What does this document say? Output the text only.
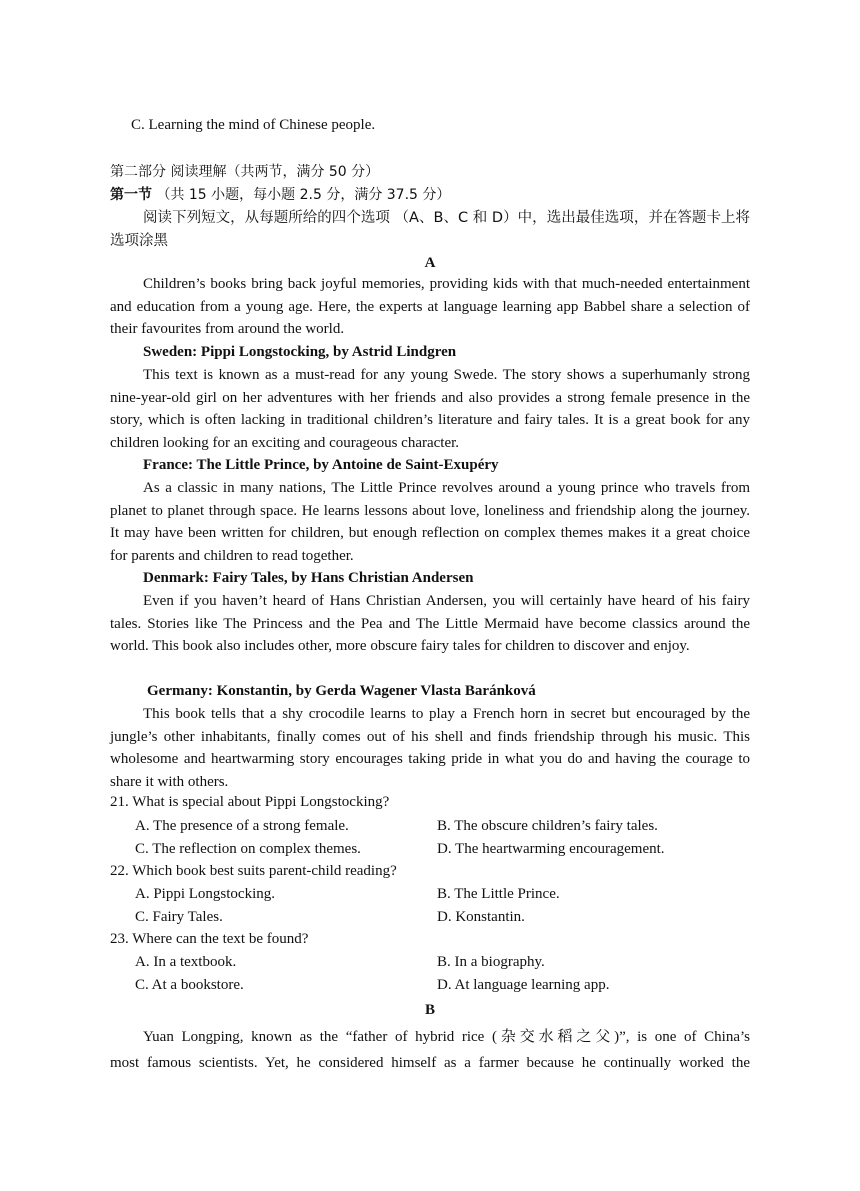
C. Learning the mind of Chinese people.
第二部分 阅读理解（共两节，满分 50 分）
第一节 （共 15 小题，每小题 2.5 分，满分 37.5 分）
阅读下列短文，从每题所给的四个选项 （A、B、C 和 D）中，选出最佳选项，并在答题卡上将选项涂黑
A
Children’s books bring back joyful memories, providing kids with that much-needed entertainment and education from a young age. Here, the experts at language learning app Babbel share a selection of their favourites from around the world.
Sweden: Pippi Longstocking, by Astrid Lindgren
This text is known as a must-read for any young Swede. The story shows a superhumanly strong nine-year-old girl on her adventures with her friends and also provides a strong female presence in the story, which is often lacking in traditional children’s literature and fairy tales. It is a great book for any children looking for an exciting and courageous character.
France: The Little Prince, by Antoine de Saint-Exupéry
As a classic in many nations, The Little Prince revolves around a young prince who travels from planet to planet through space. He learns lessons about love, loneliness and friendship along the journey. It may have been written for children, but enough reflection on complex themes makes it a great choice for parents and children to read together.
Denmark: Fairy Tales, by Hans Christian Andersen
Even if you haven’t heard of Hans Christian Andersen, you will certainly have heard of his fairy tales. Stories like The Princess and the Pea and The Little Mermaid have become classics around the world. This book also includes other, more obscure fairy tales for children to discover and enjoy.
Germany: Konstantin, by Gerda Wagener Vlasta Baránková
This book tells that a shy crocodile learns to play a French horn in secret but encouraged by the jungle’s other inhabitants, finally comes out of his shell and finds friendship through his music. This wholesome and heartwarming story encourages taking pride in what you do and having the courage to share it with others.
21. What is special about Pippi Longstocking?
A. The presence of a strong female.	B. The obscure children’s fairy tales.
C. The reflection on complex themes.	D. The heartwarming encouragement.
22. Which book best suits parent-child reading?
A. Pippi Longstocking.	B. The Little Prince.
C. Fairy Tales.	D. Konstantin.
23. Where can the text be found?
A. In a textbook.	B. In a biography.
C. At a bookstore.	D. At language learning app.
B
Yuan Longping, known as the “father of hybrid rice (杂交水稻之父)”, is one of China’s
most famous scientists. Yet, he considered himself as a farmer because he continually worked the
